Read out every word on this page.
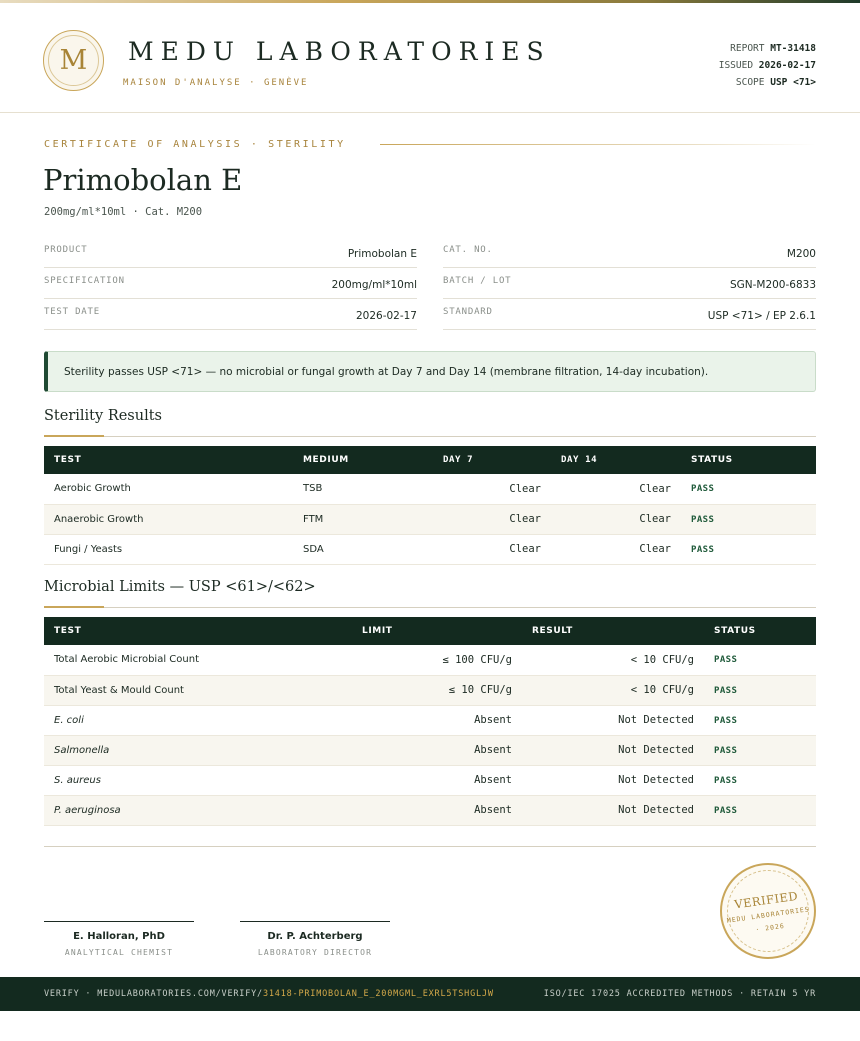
M	MEDU LABORATORIES
MAISON D'ANALYSE · GENÈVE
REPORT MT-31418
ISSUED 2026-02-17
SCOPE USP <71>
CERTIFICATE OF ANALYSIS · STERILITY
Primobolan E
200mg/ml*10ml · Cat. M200
PRODUCT	Primobolan E
SPECIFICATION	200mg/ml*10ml
TEST DATE	2026-02-17
CAT. NO.	M200
BATCH / LOT	SGN-M200-6833
STANDARD	USP <71> / EP 2.6.1
Sterility passes USP <71> — no microbial or fungal growth at Day 7 and Day 14 (membrane filtration, 14-day incubation).
Sterility Results
TEST	MEDIUM	DAY 7	DAY 14	STATUS
Aerobic Growth	TSB	Clear	Clear	PASS
Anaerobic Growth	FTM	Clear	Clear	PASS
Fungi / Yeasts	SDA	Clear	Clear	PASS
Microbial Limits — USP <61>/<62>
TEST	LIMIT	RESULT	STATUS
Total Aerobic Microbial Count	≤ 100 CFU/g	< 10 CFU/g	PASS
Total Yeast & Mould Count	≤ 10 CFU/g	< 10 CFU/g	PASS
E. coli	Absent	Not Detected	PASS
Salmonella	Absent	Not Detected	PASS
S. aureus	Absent	Not Detected	PASS
P. aeruginosa	Absent	Not Detected	PASS
E. Halloran, PhD
ANALYTICAL CHEMIST
Dr. P. Achterberg
LABORATORY DIRECTOR
VERIFIED
MEDU LABORATORIES
· 2026
VERIFY · MEDULABORATORIES.COM/VERIFY/31418-PRIMOBOLAN_E_200MGML_EXRL5TSHGLJW	ISO/IEC 17025 ACCREDITED METHODS · RETAIN 5 YR
